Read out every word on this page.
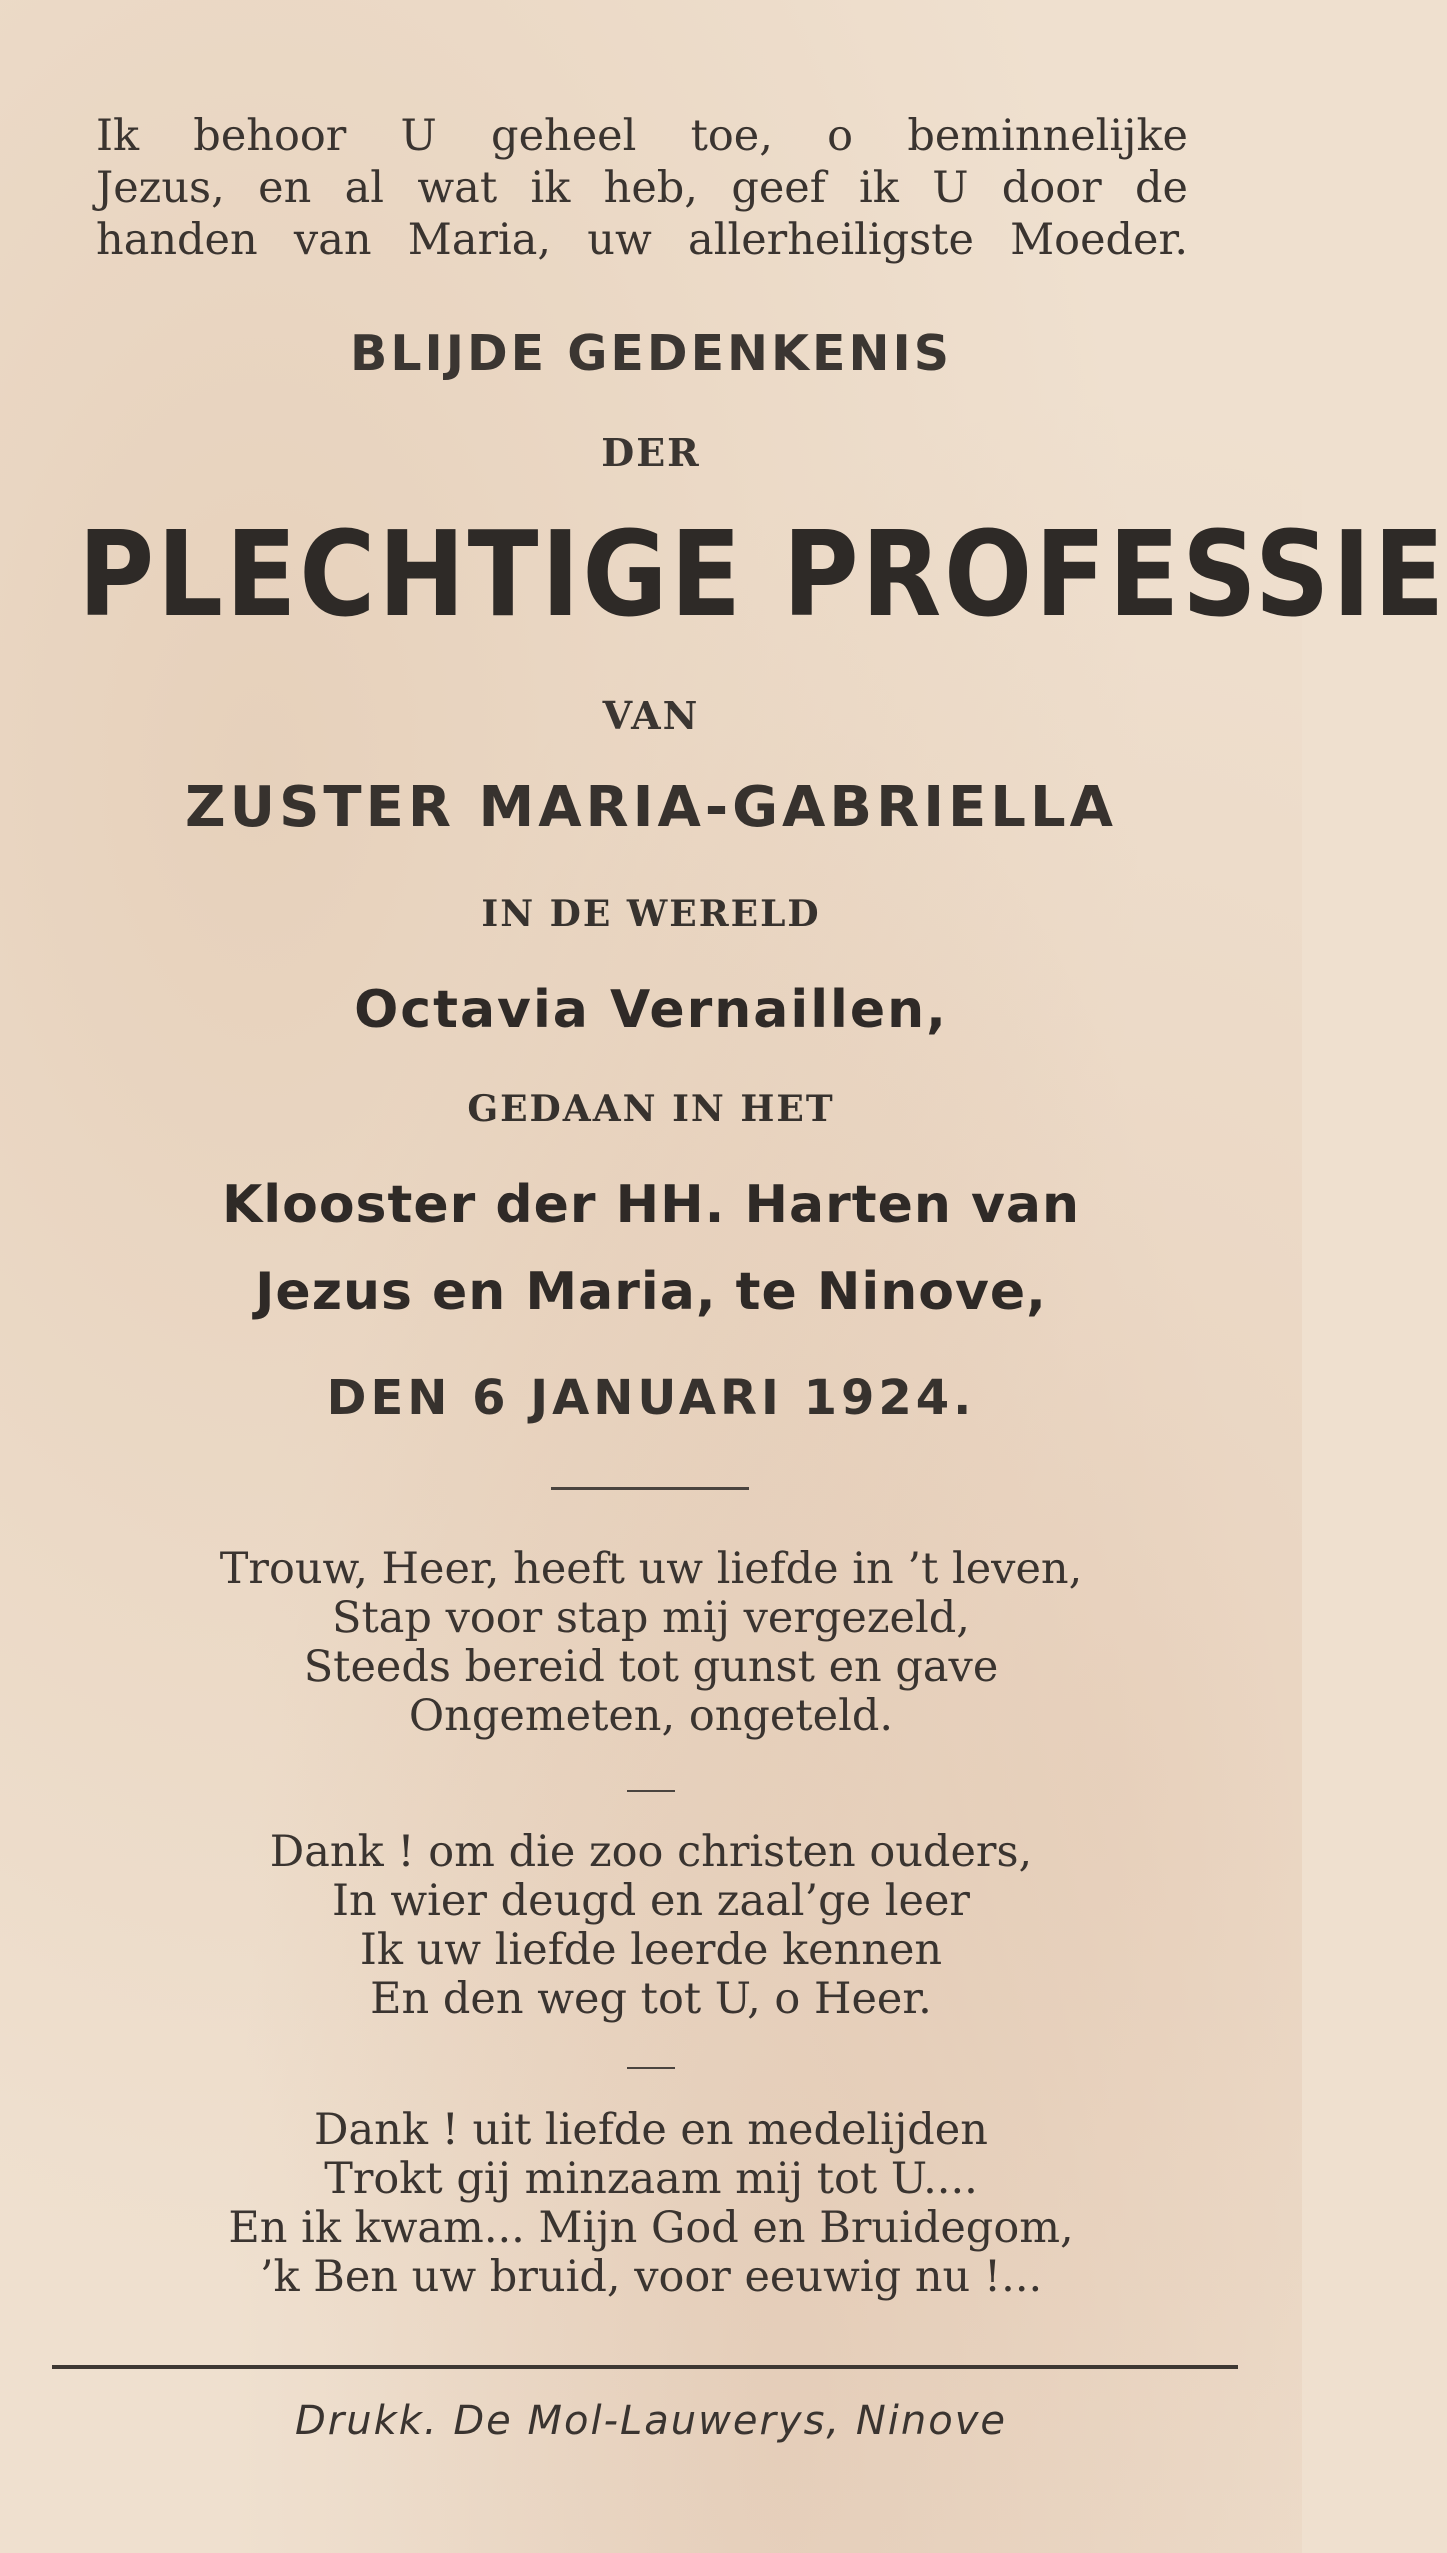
Ik behoor U geheel toe, o beminnelijke
Jezus, en al wat ik heb, geef ik U door de
handen van Maria, uw allerheiligste Moeder.
BLIJDE GEDENKENIS
DER
PLECHTIGE PROFESSIE
VAN
ZUSTER MARIA-GABRIELLA
IN DE WERELD
Octavia Vernaillen,
GEDAAN IN HET
Klooster der HH. Harten van
Jezus en Maria, te Ninove,
DEN 6 JANUARI 1924.
Trouw, Heer, heeft uw liefde in ’t leven,
Stap voor stap mij vergezeld,
Steeds bereid tot gunst en gave
Ongemeten, ongeteld.
Dank ! om die zoo christen ouders,
In wier deugd en zaal’ge leer
Ik uw liefde leerde kennen
En den weg tot U, o Heer.
Dank ! uit liefde en medelijden
Trokt gij minzaam mij tot U....
En ik kwam... Mijn God en Bruidegom,
’k Ben uw bruid, voor eeuwig nu !...
Drukk. De Mol-Lauwerys, Ninove
